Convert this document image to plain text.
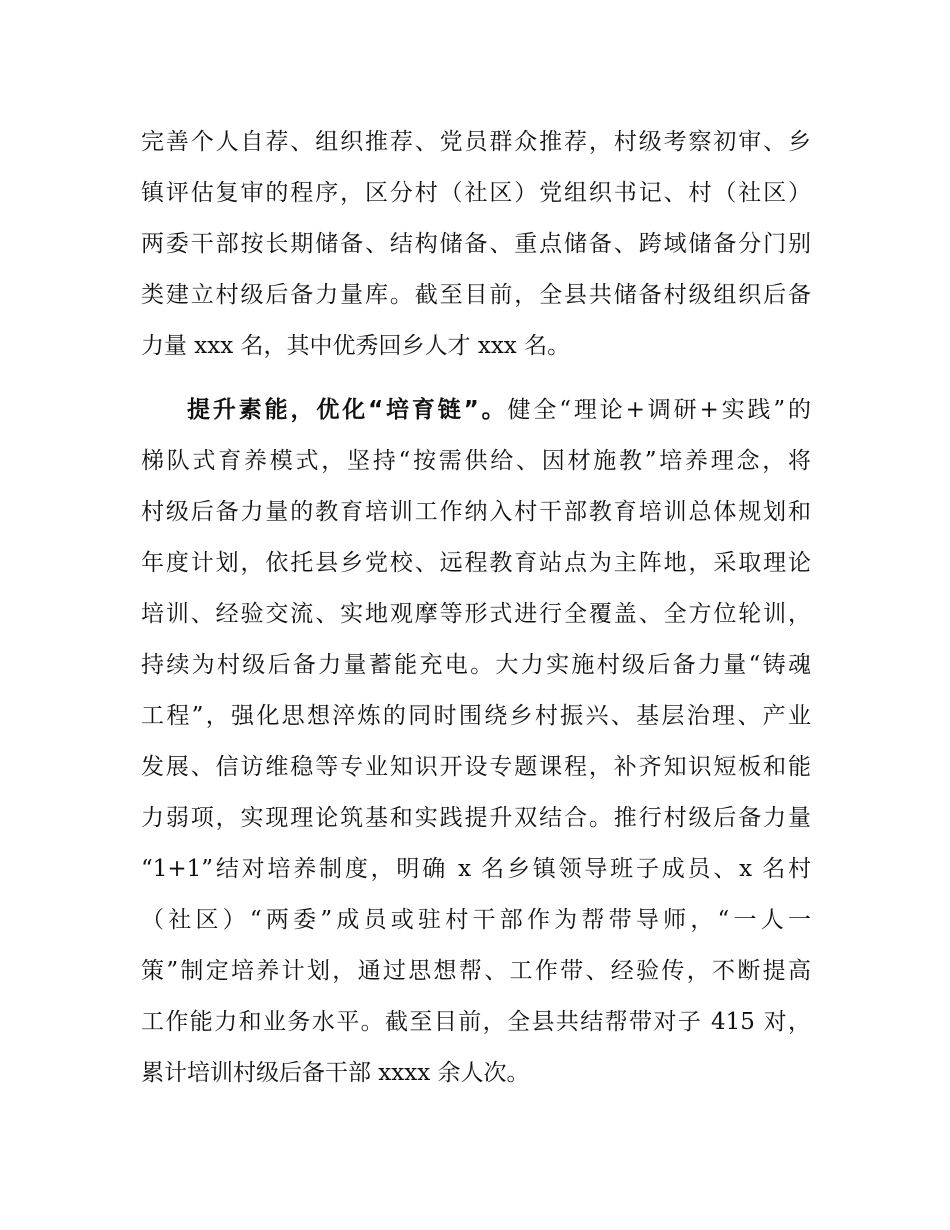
完善个人自荐、组织推荐、党员群众推荐，村级考察初审、乡
镇评估复审的程序，区分村（社区）党组织书记、村（社区）
两委干部按长期储备、结构储备、重点储备、跨域储备分门别
类建立村级后备力量库。截至目前，全县共储备村级组织后备
力量 xxx 名，其中优秀回乡人才 xxx 名。
提升素能，优化“培育链”。健全“理论+调研+实践”的
梯队式育养模式，坚持“按需供给、因材施教”培养理念，将
村级后备力量的教育培训工作纳入村干部教育培训总体规划和
年度计划，依托县乡党校、远程教育站点为主阵地，采取理论
培训、经验交流、实地观摩等形式进行全覆盖、全方位轮训，
持续为村级后备力量蓄能充电。大力实施村级后备力量“铸魂
工程”，强化思想淬炼的同时围绕乡村振兴、基层治理、产业
发展、信访维稳等专业知识开设专题课程，补齐知识短板和能
力弱项，实现理论筑基和实践提升双结合。推行村级后备力量
“1+1”结对培养制度，明确 x 名乡镇领导班子成员、x 名村
（社区）“两委”成员或驻村干部作为帮带导师，“一人一
策”制定培养计划，通过思想帮、工作带、经验传，不断提高
工作能力和业务水平。截至目前，全县共结帮带对子 415 对，
累计培训村级后备干部 xxxx 余人次。
